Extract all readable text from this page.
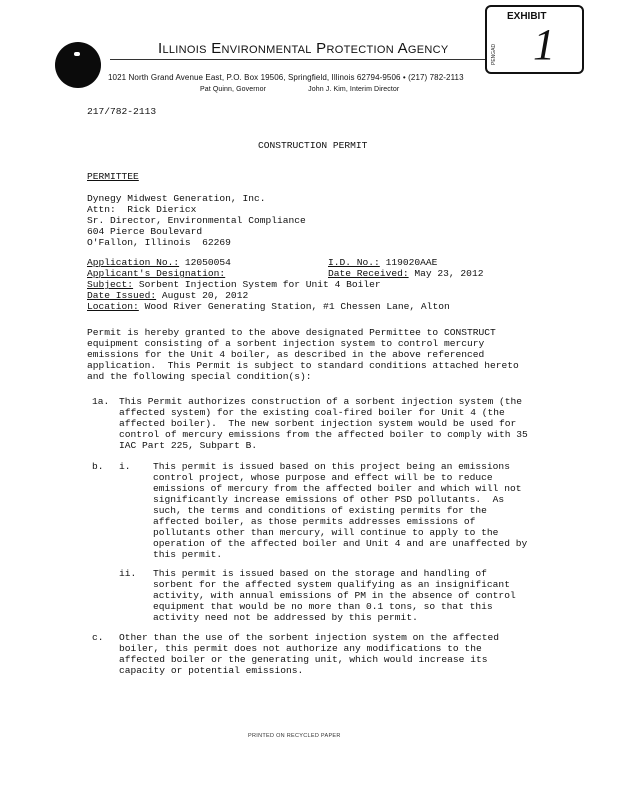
Illinois Environmental Protection Agency
1021 North Grand Avenue East, P.O. Box 19506, Springfield, Illinois 62794-9506 • (217) 782-2113
Pat Quinn, Governor	John J. Kim, Interim Director
PENGAD
EXHIBIT
1
217/782-2113
CONSTRUCTION PERMIT
PERMITTEE
Dynegy Midwest Generation, Inc.
Attn:  Rick Diericx
Sr. Director, Environmental Compliance
604 Pierce Boulevard
O'Fallon, Illinois  62269
Application No.: 12050054
Applicant's Designation:
Subject: Sorbent Injection System for Unit 4 Boiler
Date Issued: August 20, 2012
Location: Wood River Generating Station, #1 Chessen Lane, Alton
I.D. No.: 119020AAE
Date Received: May 23, 2012
Permit is hereby granted to the above designated Permittee to CONSTRUCT
equipment consisting of a sorbent injection system to control mercury
emissions for the Unit 4 boiler, as described in the above referenced
application.  This Permit is subject to standard conditions attached hereto
and the following special condition(s):
1a. This Permit authorizes construction of a sorbent injection system (the
affected system) for the existing coal-fired boiler for Unit 4 (the
affected boiler).  The new sorbent injection system would be used for
control of mercury emissions from the affected boiler to comply with 35
IAC Part 225, Subpart B.
b. i. This permit is issued based on this project being an emissions
control project, whose purpose and effect will be to reduce
emissions of mercury from the affected boiler and which will not
significantly increase emissions of other PSD pollutants.  As
such, the terms and conditions of existing permits for the
affected boiler, as those permits addresses emissions of
pollutants other than mercury, will continue to apply to the
operation of the affected boiler and Unit 4 and are unaffected by
this permit.
ii. This permit is issued based on the storage and handling of
sorbent for the affected system qualifying as an insignificant
activity, with annual emissions of PM in the absence of control
equipment that would be no more than 0.1 tons, so that this
activity need not be addressed by this permit.
c. Other than the use of the sorbent injection system on the affected
boiler, this permit does not authorize any modifications to the
affected boiler or the generating unit, which would increase its
capacity or potential emissions.
PRINTED ON RECYCLED PAPER
